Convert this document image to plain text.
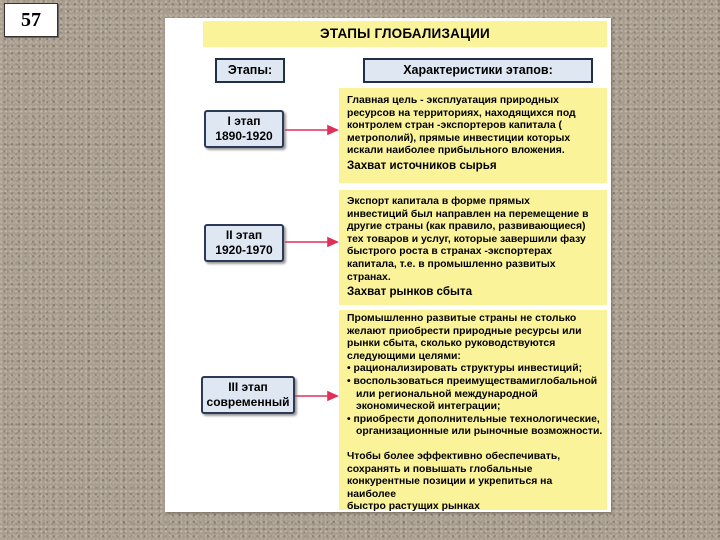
57
ЭТАПЫ ГЛОБАЛИЗАЦИИ
Этапы:	Характеристики этапов:
I этап
1890-1920
II этап
1920-1970
III этап
современный
Главная цель - эксплуатация природных
ресурсов на территориях, находящихся под
контролем стран -экспортеров капитала (
метрополий), прямые инвестиции которых
искали наиболее прибыльного вложения.
Захват источников сырья
Экспорт капитала в форме прямых
инвестиций был направлен на перемещение в
другие страны (как правило, развивающиеся)
тех товаров и услуг, которые завершили фазу
быстрого роста в странах -экспортерах
капитала, т.е. в промышленно развитых
странах.
Захват рынков сбыта
Промышленно развитые страны не столько
желают приобрести природные ресурсы или
рынки сбыта, сколько руководствуются
следующими целями:
• рационализировать структуры инвестиций;
• воспользоваться преимуществамиглобальной
или региональной международной
экономической интеграции;
• приобрести дополнительные технологические,
организационные или рыночные возможности.
Чтобы более эффективно обеспечивать,
сохранять и повышать глобальные
конкурентные позиции и укрепиться на наиболее
быстро растущих рынках
